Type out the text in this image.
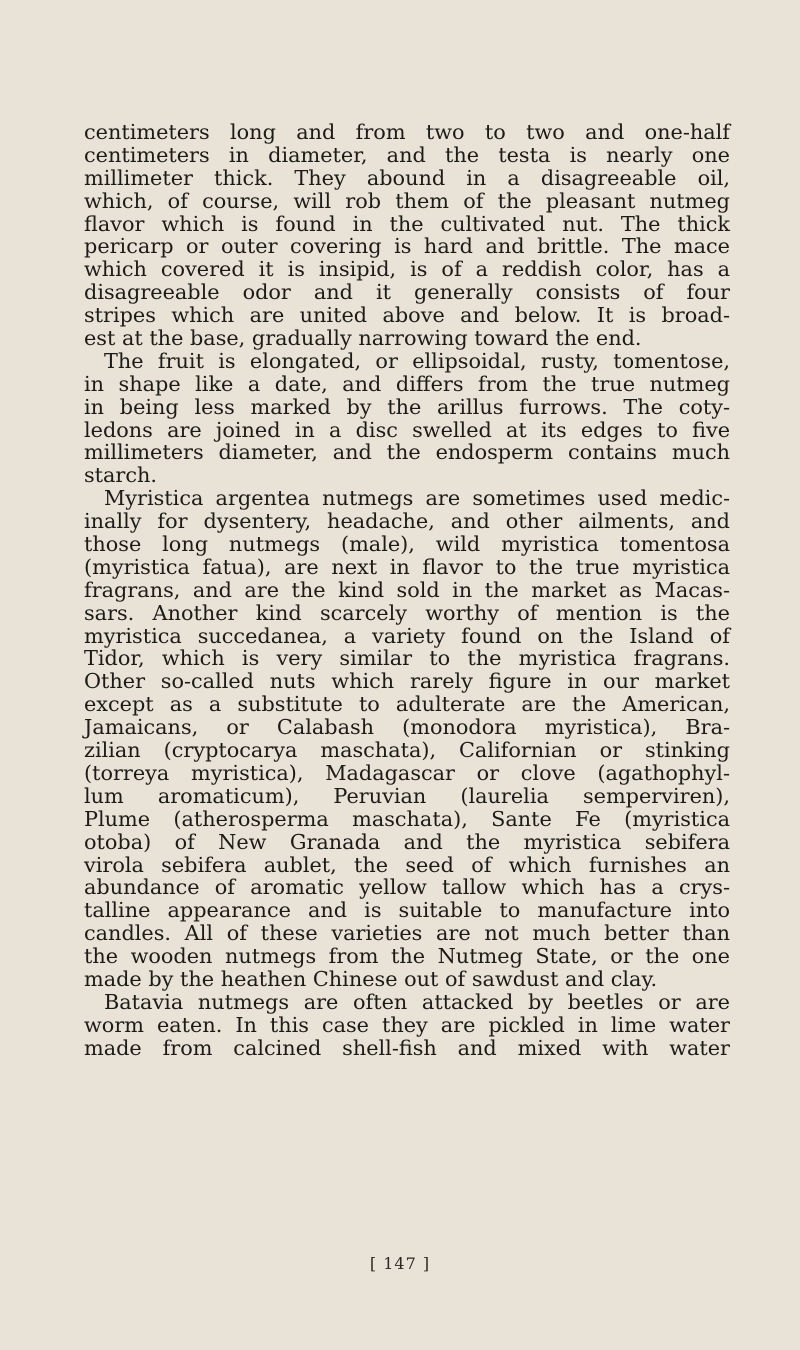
centimeters long and from two to two and one-half
centimeters in diameter, and the testa is nearly one
millimeter thick. They abound in a disagreeable oil,
which, of course, will rob them of the pleasant nutmeg
flavor which is found in the cultivated nut. The thick
pericarp or outer covering is hard and brittle. The mace
which covered it is insipid, is of a reddish color, has a
disagreeable odor and it generally consists of four
stripes which are united above and below. It is broad-
est at the base, gradually narrowing toward the end.
The fruit is elongated, or ellipsoidal, rusty, tomentose,
in shape like a date, and differs from the true nutmeg
in being less marked by the arillus furrows. The coty-
ledons are joined in a disc swelled at its edges to five
millimeters diameter, and the endosperm contains much
starch.
Myristica argentea nutmegs are sometimes used medic-
inally for dysentery, headache, and other ailments, and
those long nutmegs (male), wild myristica tomentosa
(myristica fatua), are next in flavor to the true myristica
fragrans, and are the kind sold in the market as Macas-
sars. Another kind scarcely worthy of mention is the
myristica succedanea, a variety found on the Island of
Tidor, which is very similar to the myristica fragrans.
Other so-called nuts which rarely figure in our market
except as a substitute to adulterate are the American,
Jamaicans, or Calabash (monodora myristica), Bra-
zilian (cryptocarya maschata), Californian or stinking
(torreya myristica), Madagascar or clove (agathophyl-
lum aromaticum), Peruvian (laurelia semperviren),
Plume (atherosperma maschata), Sante Fe (myristica
otoba) of New Granada and the myristica sebifera
virola sebifera aublet, the seed of which furnishes an
abundance of aromatic yellow tallow which has a crys-
talline appearance and is suitable to manufacture into
candles. All of these varieties are not much better than
the wooden nutmegs from the Nutmeg State, or the one
made by the heathen Chinese out of sawdust and clay.
Batavia nutmegs are often attacked by beetles or are
worm eaten. In this case they are pickled in lime water
made from calcined shell-fish and mixed with water
[ 147 ]
